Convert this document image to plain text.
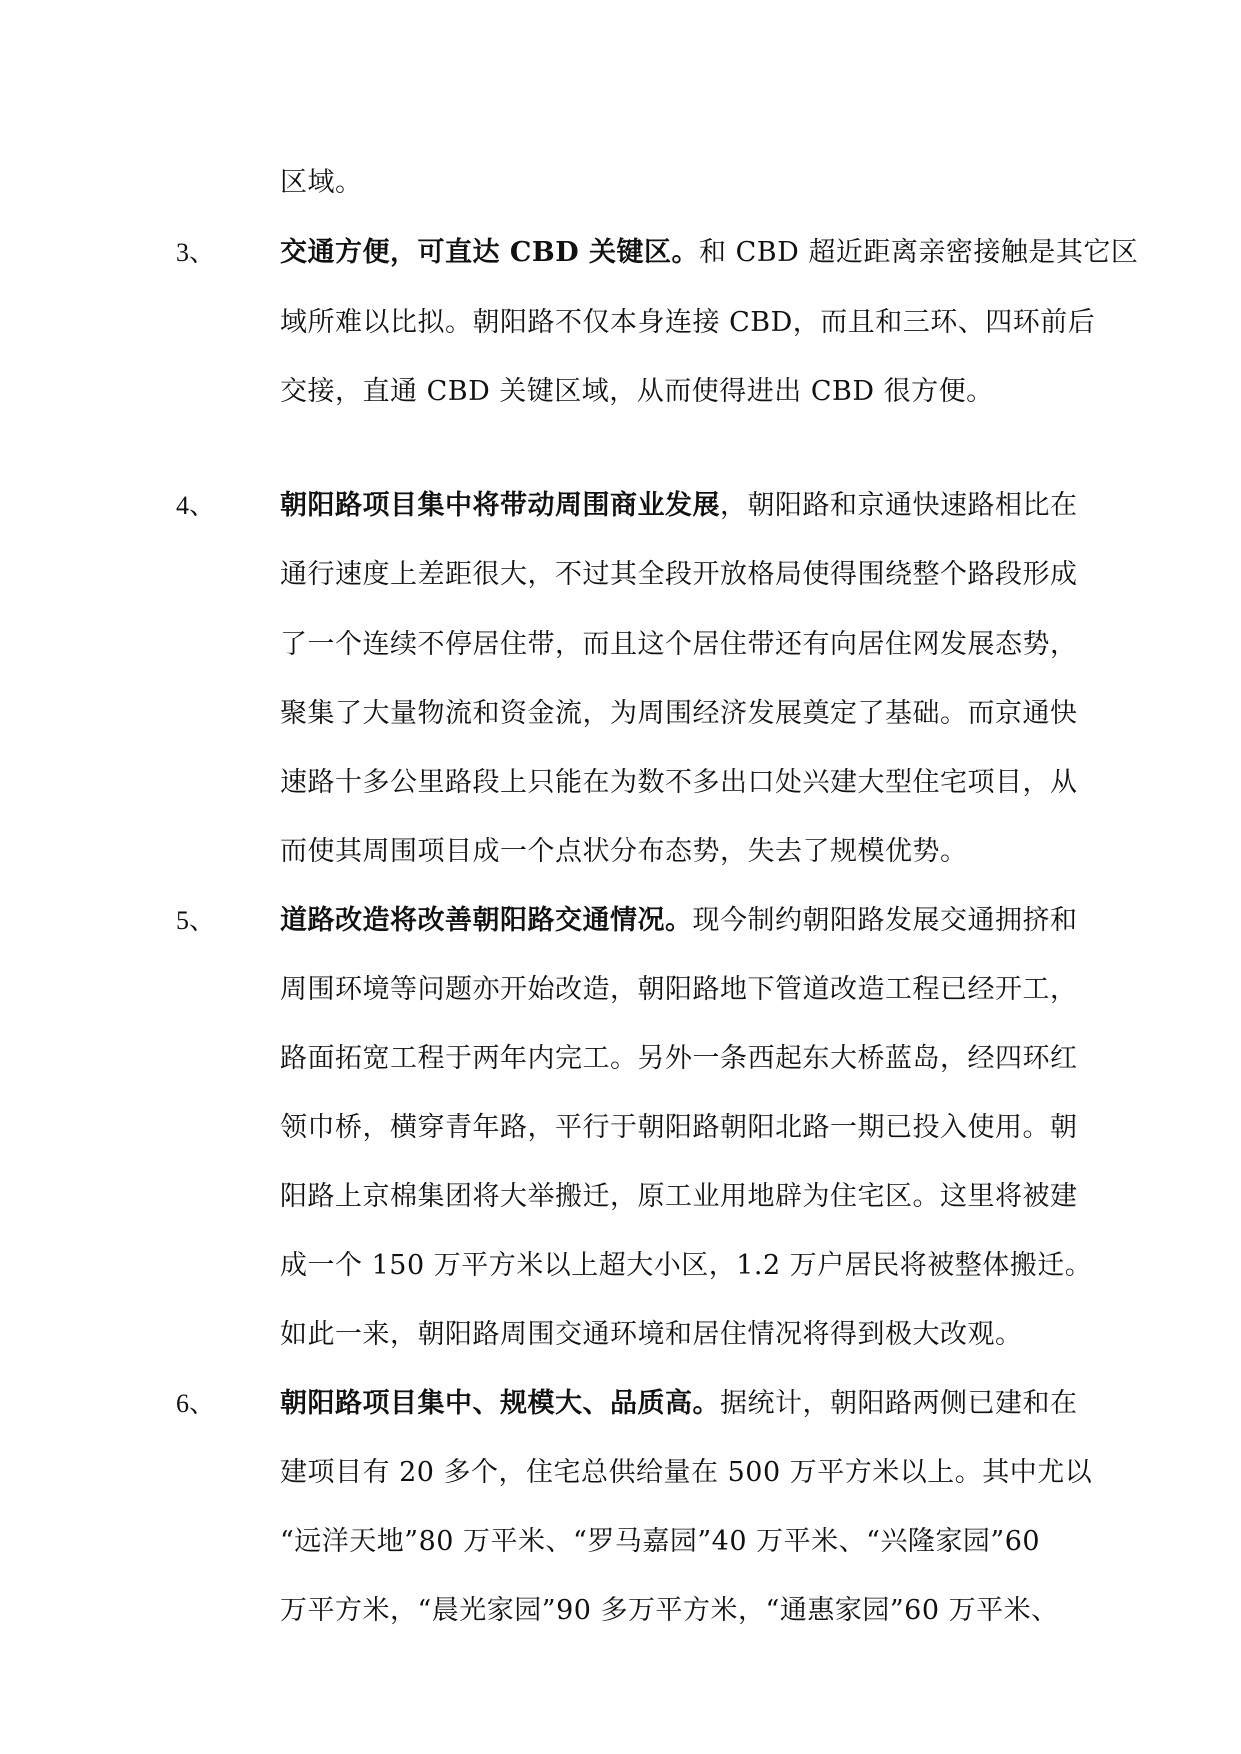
区域。
3、 交通方便，可直达 CBD 关键区。和 CBD 超近距离亲密接触是其它区
域所难以比拟。朝阳路不仅本身连接 CBD，而且和三环、四环前后
交接，直通 CBD 关键区域，从而使得进出 CBD 很方便。
4、 朝阳路项目集中将带动周围商业发展，朝阳路和京通快速路相比在
通行速度上差距很大，不过其全段开放格局使得围绕整个路段形成
了一个连续不停居住带，而且这个居住带还有向居住网发展态势，
聚集了大量物流和资金流，为周围经济发展奠定了基础。而京通快
速路十多公里路段上只能在为数不多出口处兴建大型住宅项目，从
而使其周围项目成一个点状分布态势，失去了规模优势。
5、 道路改造将改善朝阳路交通情况。现今制约朝阳路发展交通拥挤和
周围环境等问题亦开始改造，朝阳路地下管道改造工程已经开工，
路面拓宽工程于两年内完工。另外一条西起东大桥蓝岛，经四环红
领巾桥，横穿青年路，平行于朝阳路朝阳北路一期已投入使用。朝
阳路上京棉集团将大举搬迁，原工业用地辟为住宅区。这里将被建
成一个 150 万平方米以上超大小区，1.2 万户居民将被整体搬迁。
如此一来，朝阳路周围交通环境和居住情况将得到极大改观。
6、 朝阳路项目集中、规模大、品质高。据统计，朝阳路两侧已建和在
建项目有 20 多个，住宅总供给量在 500 万平方米以上。其中尤以
“远洋天地”80 万平米、“罗马嘉园”40 万平米、“兴隆家园”60
万平方米，“晨光家园”90 多万平方米，“通惠家园”60 万平米、
